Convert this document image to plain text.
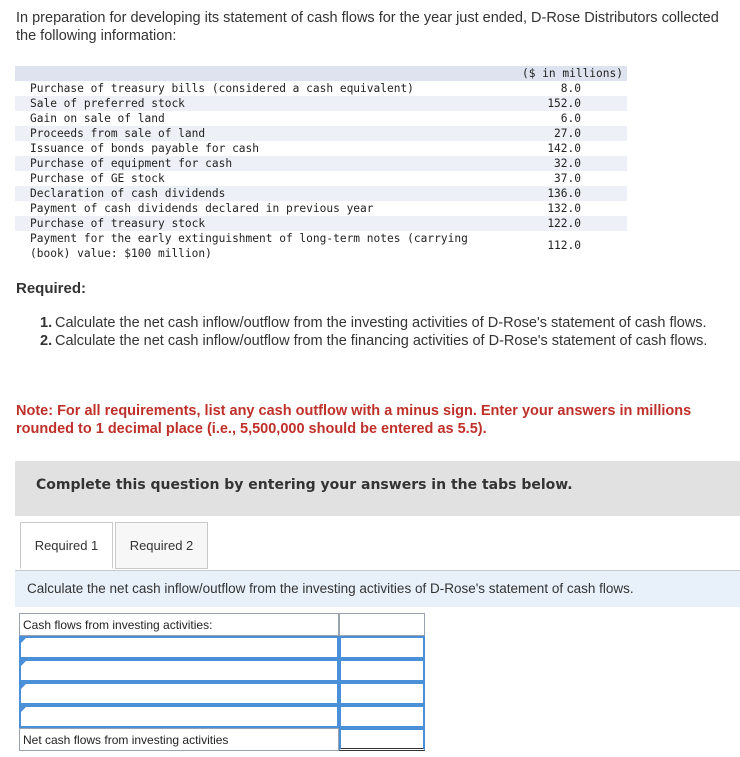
In preparation for developing its statement of cash flows for the year just ended, D-Rose Distributors collected the following information:
($ in millions)
Purchase of treasury bills (considered a cash equivalent)	8.0
Sale of preferred stock	152.0
Gain on sale of land	6.0
Proceeds from sale of land	27.0
Issuance of bonds payable for cash	142.0
Purchase of equipment for cash	32.0
Purchase of GE stock	37.0
Declaration of cash dividends	136.0
Payment of cash dividends declared in previous year	132.0
Purchase of treasury stock	122.0
Payment for the early extinguishment of long-term notes (carrying
(book) value: $100 million)
112.0
Required:
1. Calculate the net cash inflow/outflow from the investing activities of D-Rose's statement of cash flows.
2. Calculate the net cash inflow/outflow from the financing activities of D-Rose's statement of cash flows.
Note: For all requirements, list any cash outflow with a minus sign. Enter your answers in millions rounded to 1 decimal place (i.e., 5,500,000 should be entered as 5.5).
Complete this question by entering your answers in the tabs below.
Required 1	Required 2
Calculate the net cash inflow/outflow from the investing activities of D-Rose's statement of cash flows.
Cash flows from investing activities:
Net cash flows from investing activities
